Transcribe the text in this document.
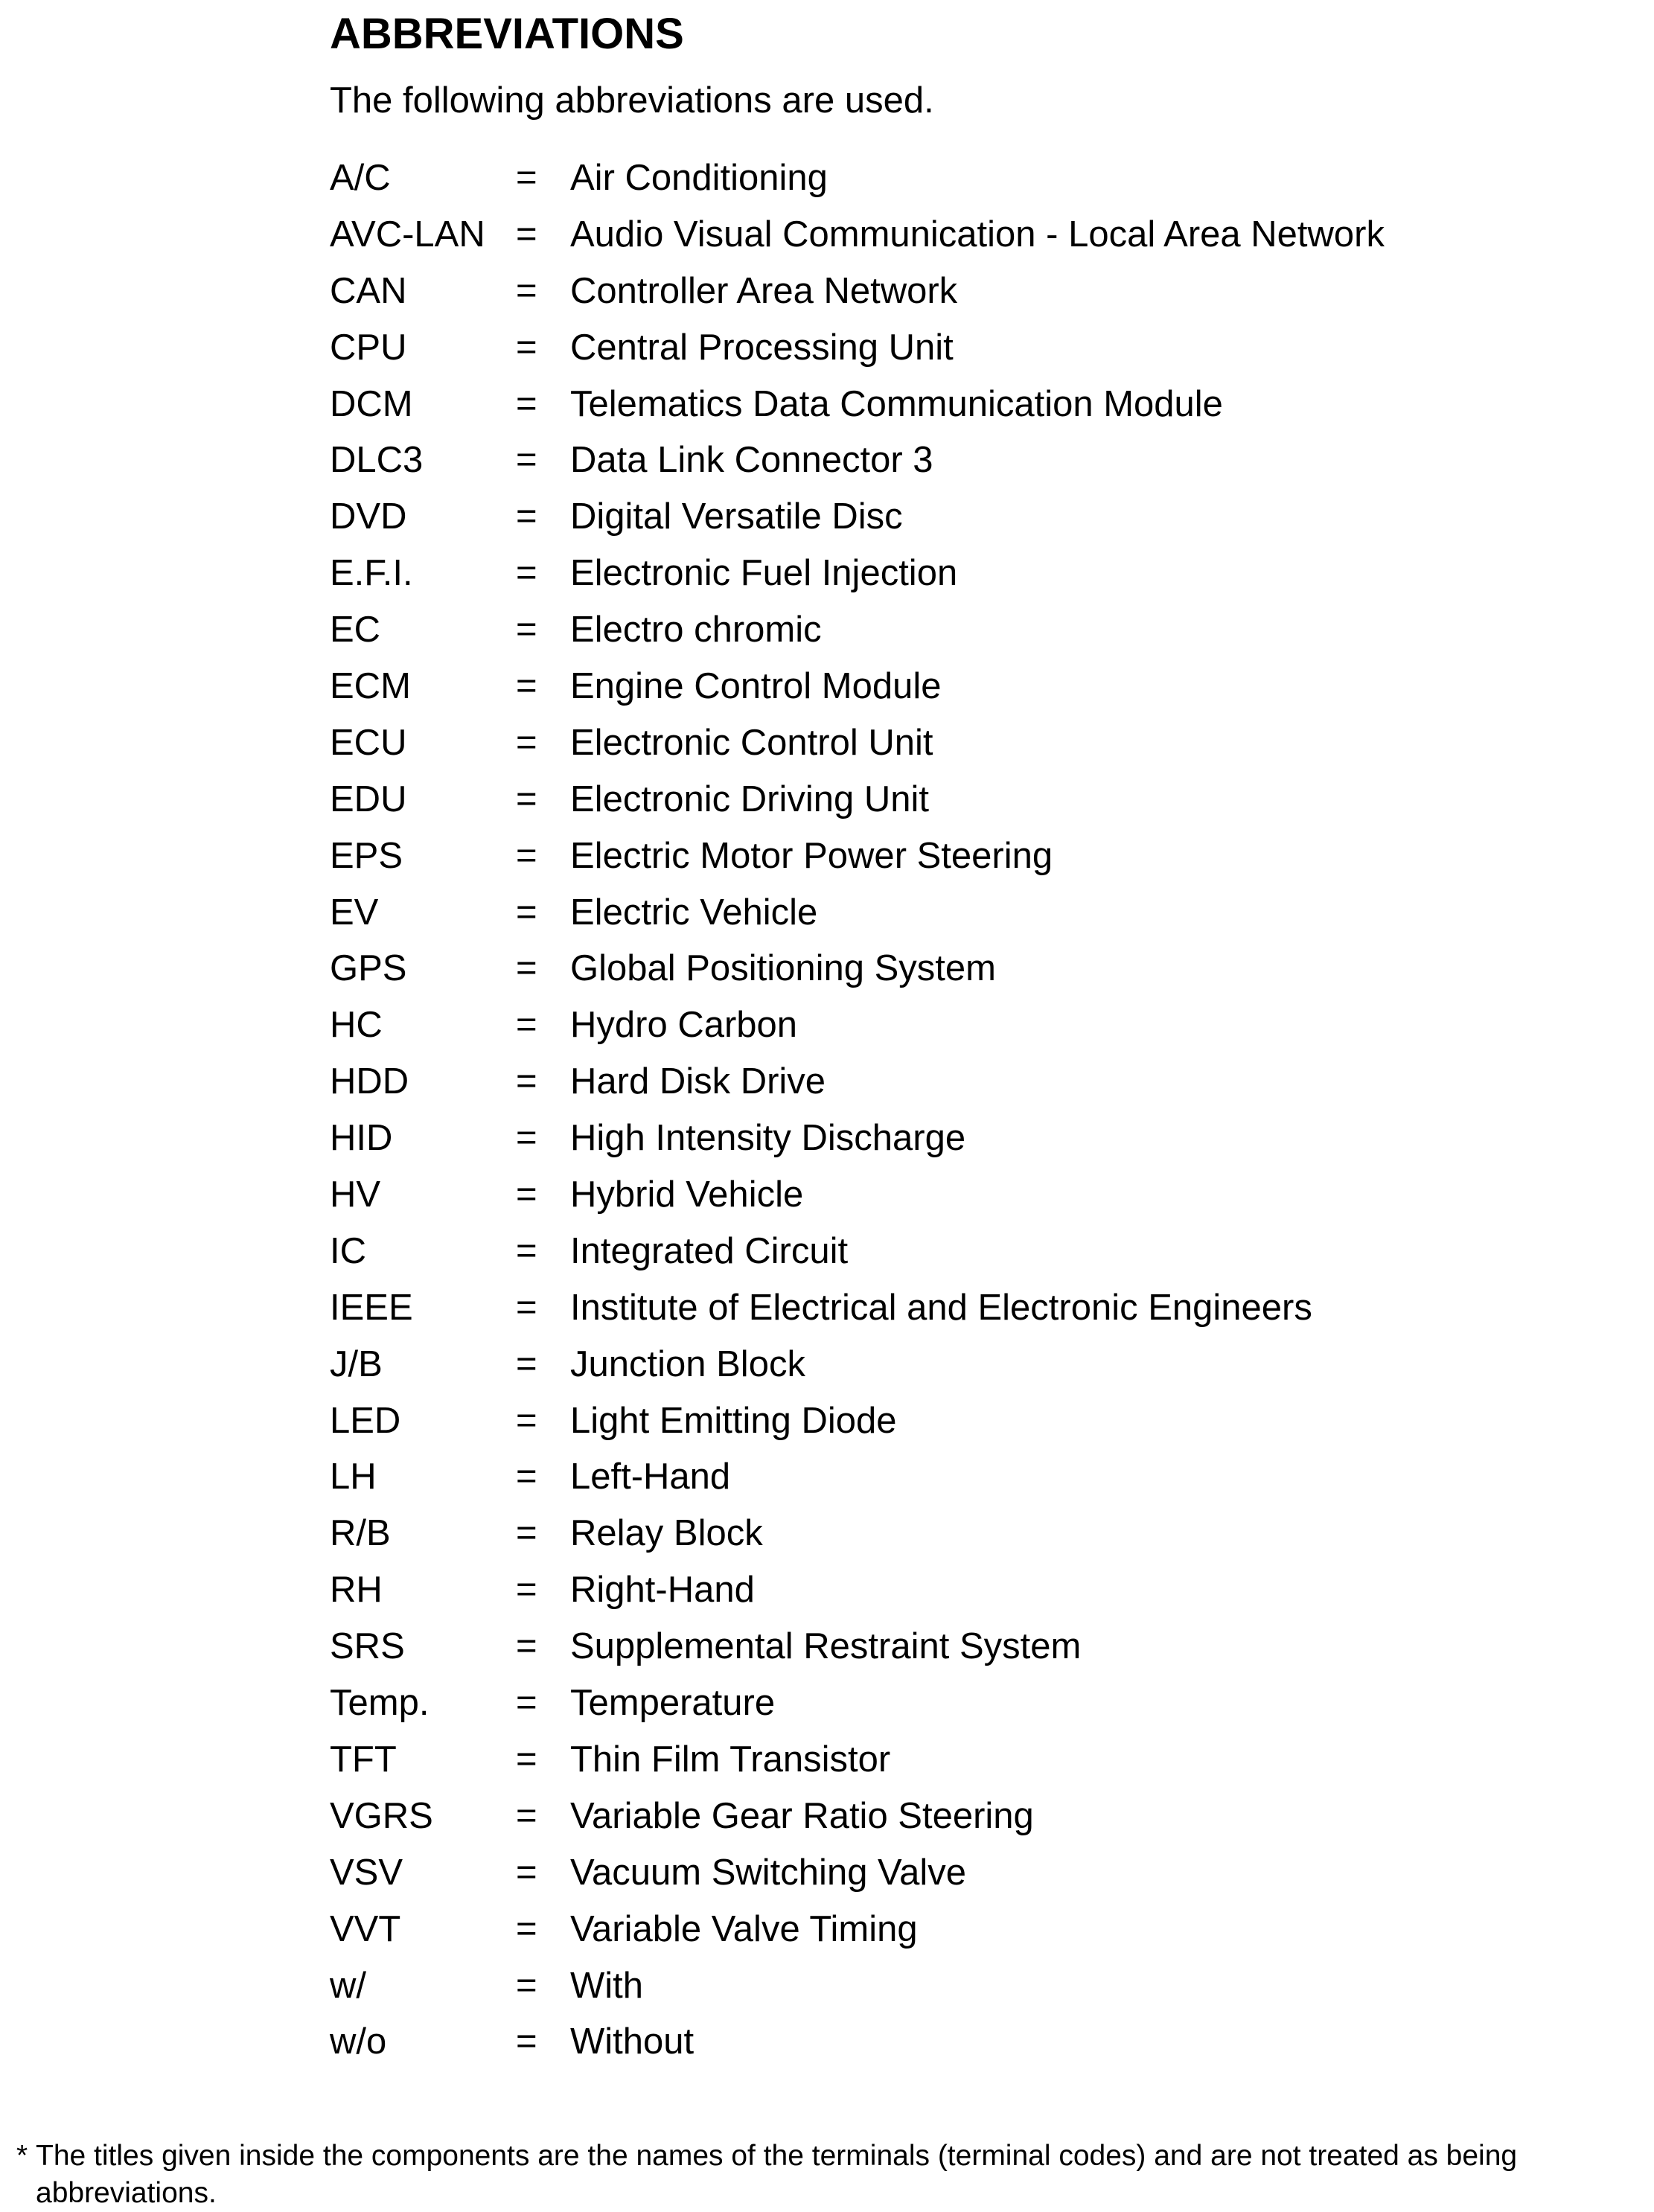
ABBREVIATIONS

The following abbreviations are used.

A/C	= Air Conditioning
AVC-LAN = Audio Visual Communication - Local Area Network
CAN	= Controller Area Network
CPU	= Central Processing Unit
DCM	= Telematics Data Communication Module
DLC3	= Data Link Connector 3
DVD	= Digital Versatile Disc
E.F.I.	= Electronic Fuel Injection
EC	= Electro chromic
ECM	= Engine Control Module
ECU	= Electronic Control Unit
EDU	= Electronic Driving Unit
EPS	= Electric Motor Power Steering
EV	= Electric Vehicle
GPS	= Global Positioning System
HC	= Hydro Carbon
HDD	= Hard Disk Drive
HID	= High Intensity Discharge
HV	= Hybrid Vehicle
IC	= Integrated Circuit
IEEE	= Institute of Electrical and Electronic Engineers
J/B	= Junction Block
LED	= Light Emitting Diode
LH	= Left-Hand
R/B	= Relay Block
RH	= Right-Hand
SRS	= Supplemental Restraint System
Temp. = Temperature
TFT	= Thin Film Transistor
VGRS = Variable Gear Ratio Steering
VSV	= Vacuum Switching Valve
VVT	= Variable Valve Timing
w/	= With
w/o	= Without
* The titles given inside the components are the names of the terminals (terminal codes) and are not treated as being abbreviations.
